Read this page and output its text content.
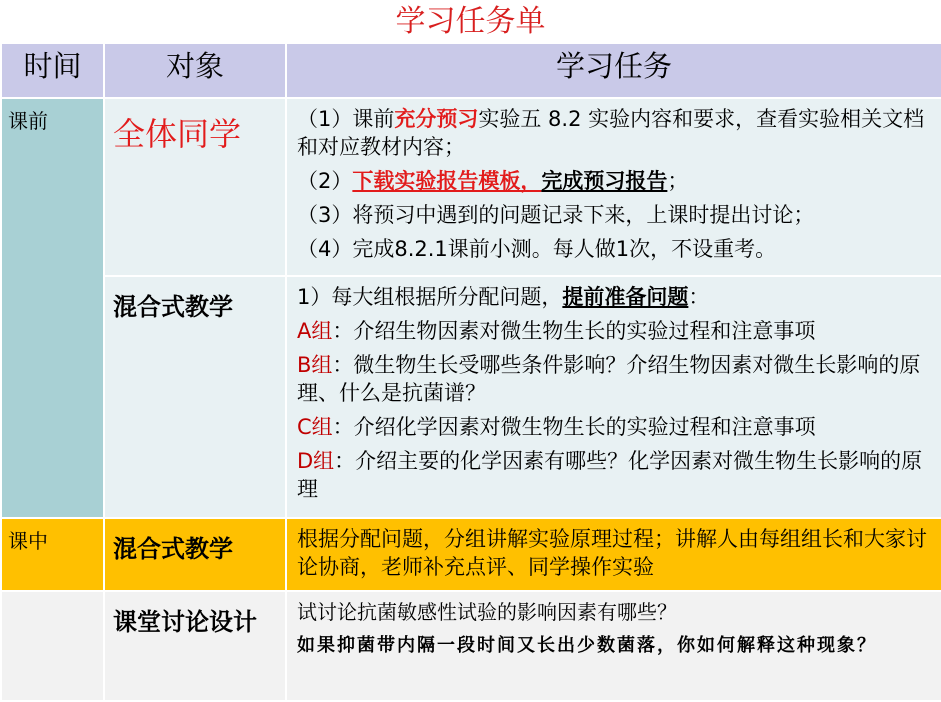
学习任务单
时间	对象	学习任务
课前	全体同学	（1）课前充分预习实验五 8.2 实验内容和要求，查看实验相关文档和对应教材内容；
（2）下载实验报告模板，完成预习报告；
（3）将预习中遇到的问题记录下来，上课时提出讨论；
（4）完成8.2.1课前小测。每人做1次，不设重考。

	混合式教学	1）每大组根据所分配问题，提前准备问题：
A组：介绍生物因素对微生物生长的实验过程和注意事项
B组：微生物生长受哪些条件影响？介绍生物因素对微生长影响的原理、什么是抗菌谱？
C组：介绍化学因素对微生物生长的实验过程和注意事项
D组：介绍主要的化学因素有哪些？化学因素对微生物生长影响的原理

课中	混合式教学	根据分配问题，分组讲解实验原理过程；讲解人由每组组长和大家讨论协商，老师补充点评、同学操作实验

	课堂讨论设计	试讨论抗菌敏感性试验的影响因素有哪些？
如果抑菌带内隔一段时间又长出少数菌落，你如何解释这种现象？
